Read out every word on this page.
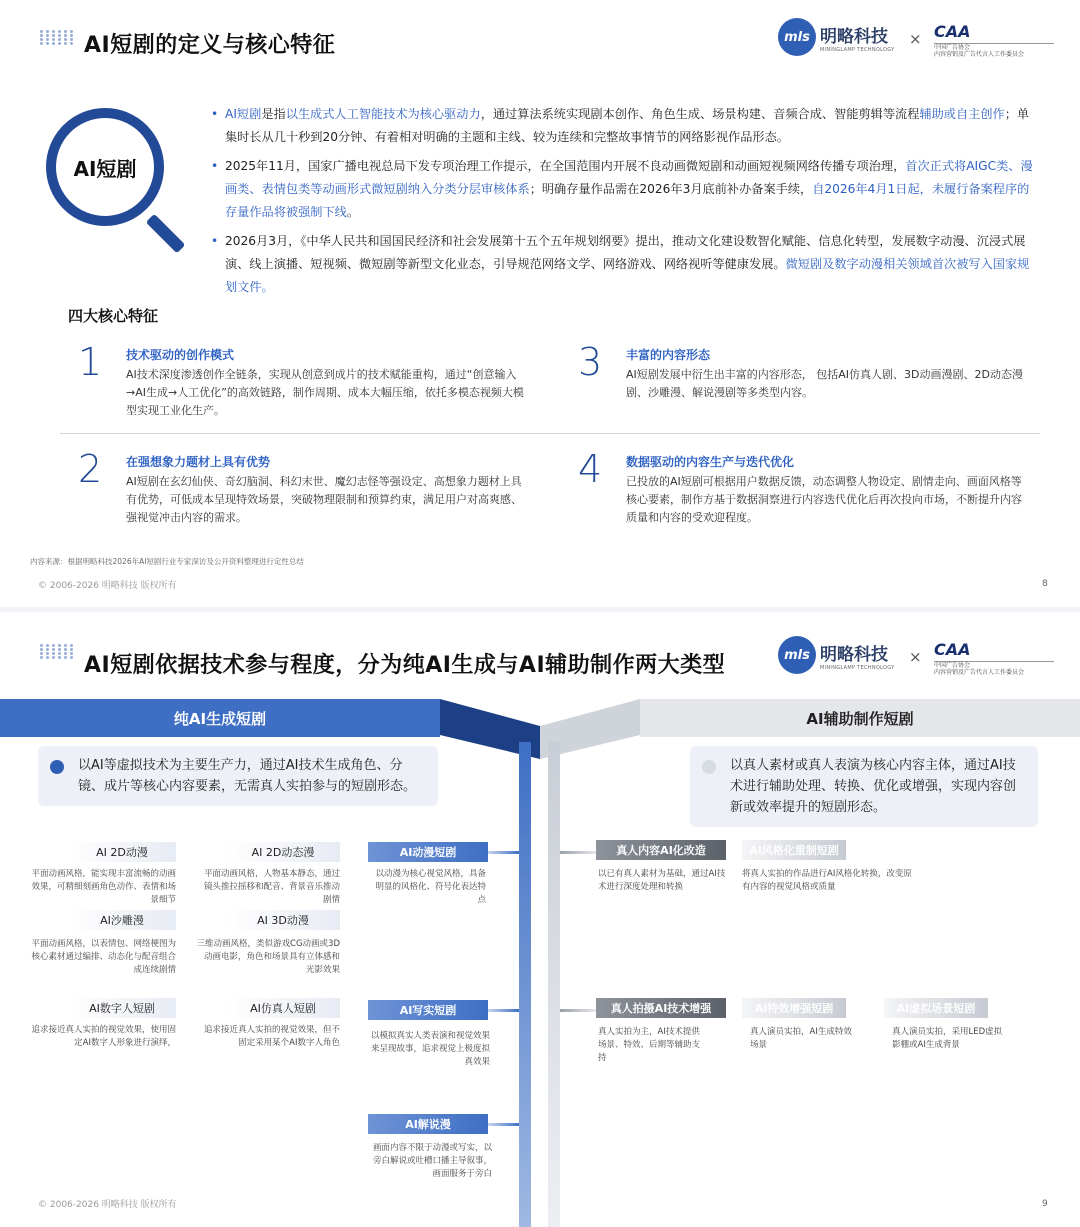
AI短剧的定义与核心特征	mls 明略科技
MININGLAMP TECHNOLOGY
× CAA
中国广告协会
内容营销及广告代言人工作委员会
AI短剧
• AI短剧是指以生成式人工智能技术为核心驱动力，通过算法系统实现剧本创作、角色生成、场景构建、音频合成、智能剪辑等流程辅助或自主创作；单集时长从几十秒到20分钟、有着相对明确的主题和主线、较为连续和完整故事情节的网络影视作品形态。
• 2025年11月，国家广播电视总局下发专项治理工作提示，在全国范围内开展不良动画微短剧和动画短视频网络传播专项治理，首次正式将AIGC类、漫画类、表情包类等动画形式微短剧纳入分类分层审核体系；明确存量作品需在2026年3月底前补办备案手续，自2026年4月1日起，未履行备案程序的存量作品将被强制下线。
• 2026月3月，《中华人民共和国国民经济和社会发展第十五个五年规划纲要》提出，推动文化建设数智化赋能、信息化转型，发展数字动漫、沉浸式展演、线上演播、短视频、微短剧等新型文化业态，引导规范网络文学、网络游戏、网络视听等健康发展。微短剧及数字动漫相关领域首次被写入国家规划文件。
四大核心特征
1 技术驱动的创作模式
AI技术深度渗透创作全链条，实现从创意到成片的技术赋能重构，通过“创意输入→AI生成→人工优化”的高效链路，制作周期、成本大幅压缩，依托多模态视频大模型实现工业化生产。
3 丰富的内容形态
AI短剧发展中衍生出丰富的内容形态， 包括AI仿真人剧、3D动画漫剧、2D动态漫剧、沙雕漫、解说漫剧等多类型内容。
2 在强想象力题材上具有优势
AI短剧在玄幻仙侠、奇幻脑洞、科幻末世、魔幻志怪等强设定、高想象力题材上具有优势，可低成本呈现特效场景，突破物理限制和预算约束，满足用户对高爽感、强视觉冲击内容的需求。
4 数据驱动的内容生产与迭代优化
已投放的AI短剧可根据用户数据反馈，动态调整人物设定、剧情走向、画面风格等核心要素，制作方基于数据洞察进行内容迭代优化后再次投向市场，不断提升内容质量和内容的受欢迎程度。
内容来源：根据明略科技2026年AI短剧行业专家深访及公开资料整理进行定性总结
© 2006-2026 明略科技 版权所有	8
AI短剧依据技术参与程度，分为纯AI生成与AI辅助制作两大类型	mls 明略科技
MININGLAMP TECHNOLOGY
× CAA
中国广告协会
内容营销及广告代言人工作委员会
纯AI生成短剧	AI辅助制作短剧
以AI等虚拟技术为主要生产力，通过AI技术生成角色、分镜、成片等核心内容要素，无需真人实拍参与的短剧形态。
以真人素材或真人表演为核心内容主体，通过AI技术进行辅助处理、转换、优化或增强，实现内容创新或效率提升的短剧形态。
AI 2D动漫
平面动画风格，能实现丰富流畅的动画效果，可精细刻画角色动作、表情和场景细节
AI 2D动态漫
平面动画风格，人物基本静态，通过镜头推拉摇移和配音、背景音乐推动剧情
AI动漫短剧
以动漫为核心视觉风格，具备明显的风格化、符号化表达特点
AI沙雕漫
平面动画风格，以表情包、网络梗图为核心素材通过编排、动态化与配音组合成连续剧情
AI 3D动漫
三维动画风格，类似游戏CG动画或3D动画电影，角色和场景具有立体感和光影效果
AI数字人短剧
追求接近真人实拍的视觉效果，使用固定AI数字人形象进行演绎，
AI仿真人短剧
追求接近真人实拍的视觉效果，但不固定采用某个AI数字人角色
AI写实短剧
以模拟真实人类表演和视觉效果来呈现故事，追求视觉上极度拟真效果
AI解说漫
画面内容不限于动漫或写实，以旁白解说或吐槽口播主导叙事，画面服务于旁白
真人内容AI化改造
以已有真人素材为基础，通过AI技术进行深度处理和转换
AI风格化重制短剧
将真人实拍的作品进行AI风格化转换，改变原有内容的视觉风格或质量
真人拍摄AI技术增强
真人实拍为主，AI技术提供场景、特效、后期等辅助支持
AI特效增强短剧
真人演员实拍，AI生成特效场景
AI虚拟场景短剧
真人演员实拍，采用LED虚拟影棚或AI生成背景
© 2006-2026 明略科技 版权所有	9
